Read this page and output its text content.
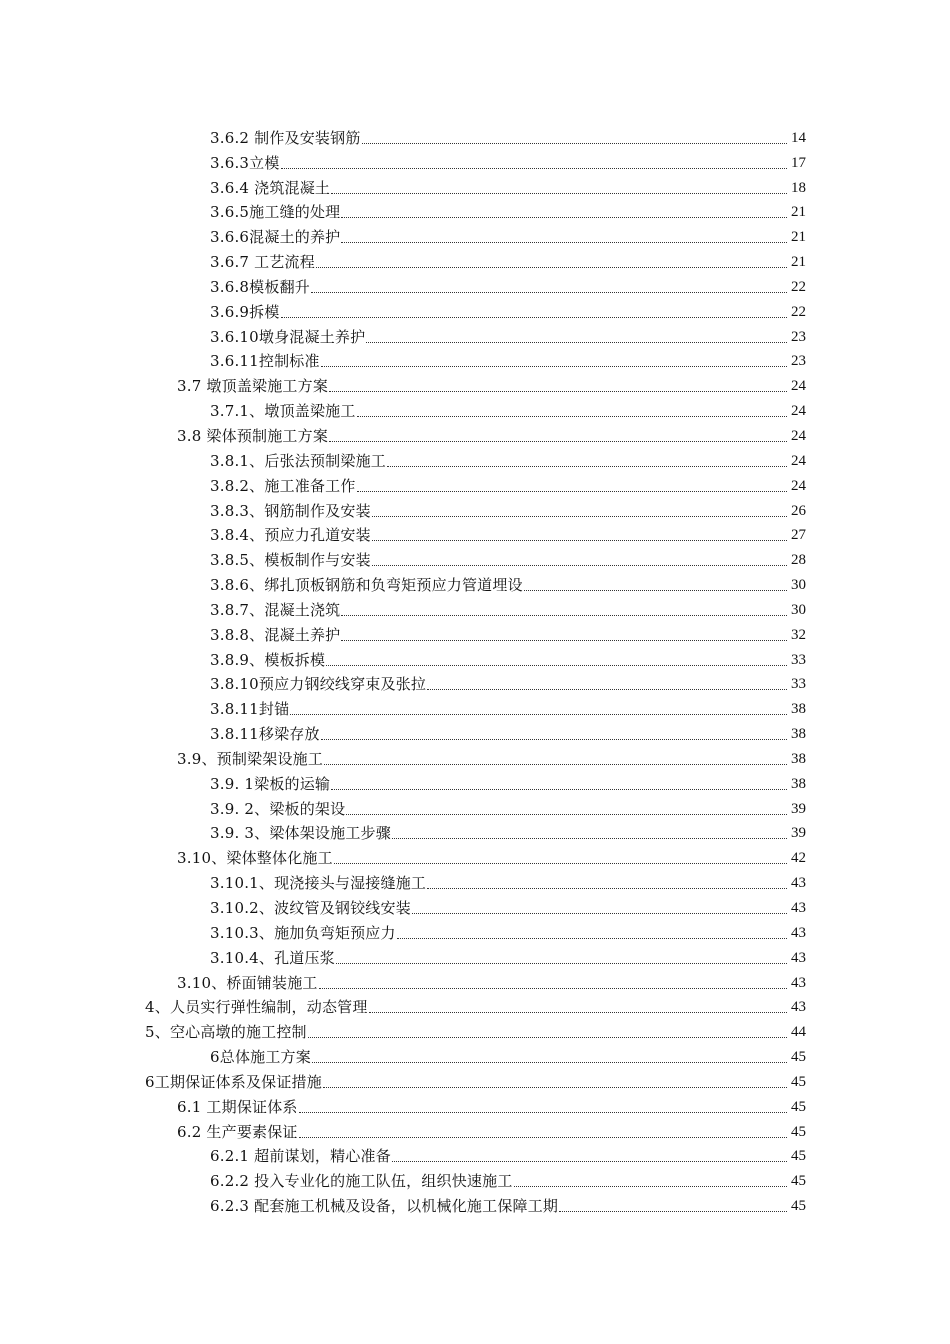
3.6.2 制作及安装钢筋	14
3.6.3立模	17
3.6.4 浇筑混凝土	18
3.6.5施工缝的处理	21
3.6.6混凝土的养护	21
3.6.7 工艺流程	21
3.6.8模板翻升	22
3.6.9拆模	22
3.6.10墩身混凝土养护	23
3.6.11控制标准	23
3.7 墩顶盖梁施工方案	24
3.7.1、墩顶盖梁施工	24
3.8 梁体预制施工方案	24
3.8.1、后张法预制梁施工	24
3.8.2、施工准备工作	24
3.8.3、钢筋制作及安装	26
3.8.4、预应力孔道安装	27
3.8.5、模板制作与安装	28
3.8.6、绑扎顶板钢筋和负弯矩预应力管道埋设	30
3.8.7、混凝土浇筑	30
3.8.8、混凝土养护	32
3.8.9、模板拆模	33
3.8.10预应力钢绞线穿束及张拉	33
3.8.11封锚	38
3.8.11移梁存放	38
3.9、预制梁架设施工	38
3.9. 1梁板的运输	38
3.9. 2、梁板的架设	39
3.9. 3、梁体架设施工步骤	39
3.10、梁体整体化施工	42
3.10.1、现浇接头与湿接缝施工	43
3.10.2、波纹管及钢铰线安装	43
3.10.3、施加负弯矩预应力	43
3.10.4、孔道压浆	43
3.10、桥面铺装施工	43
4、人员实行弹性编制，动态管理	43
5、空心高墩的施工控制	44
6总体施工方案	45
6工期保证体系及保证措施	45
6.1 工期保证体系	45
6.2 生产要素保证	45
6.2.1 超前谋划，精心准备	45
6.2.2 投入专业化的施工队伍，组织快速施工	45
6.2.3 配套施工机械及设备，以机械化施工保障工期	45
